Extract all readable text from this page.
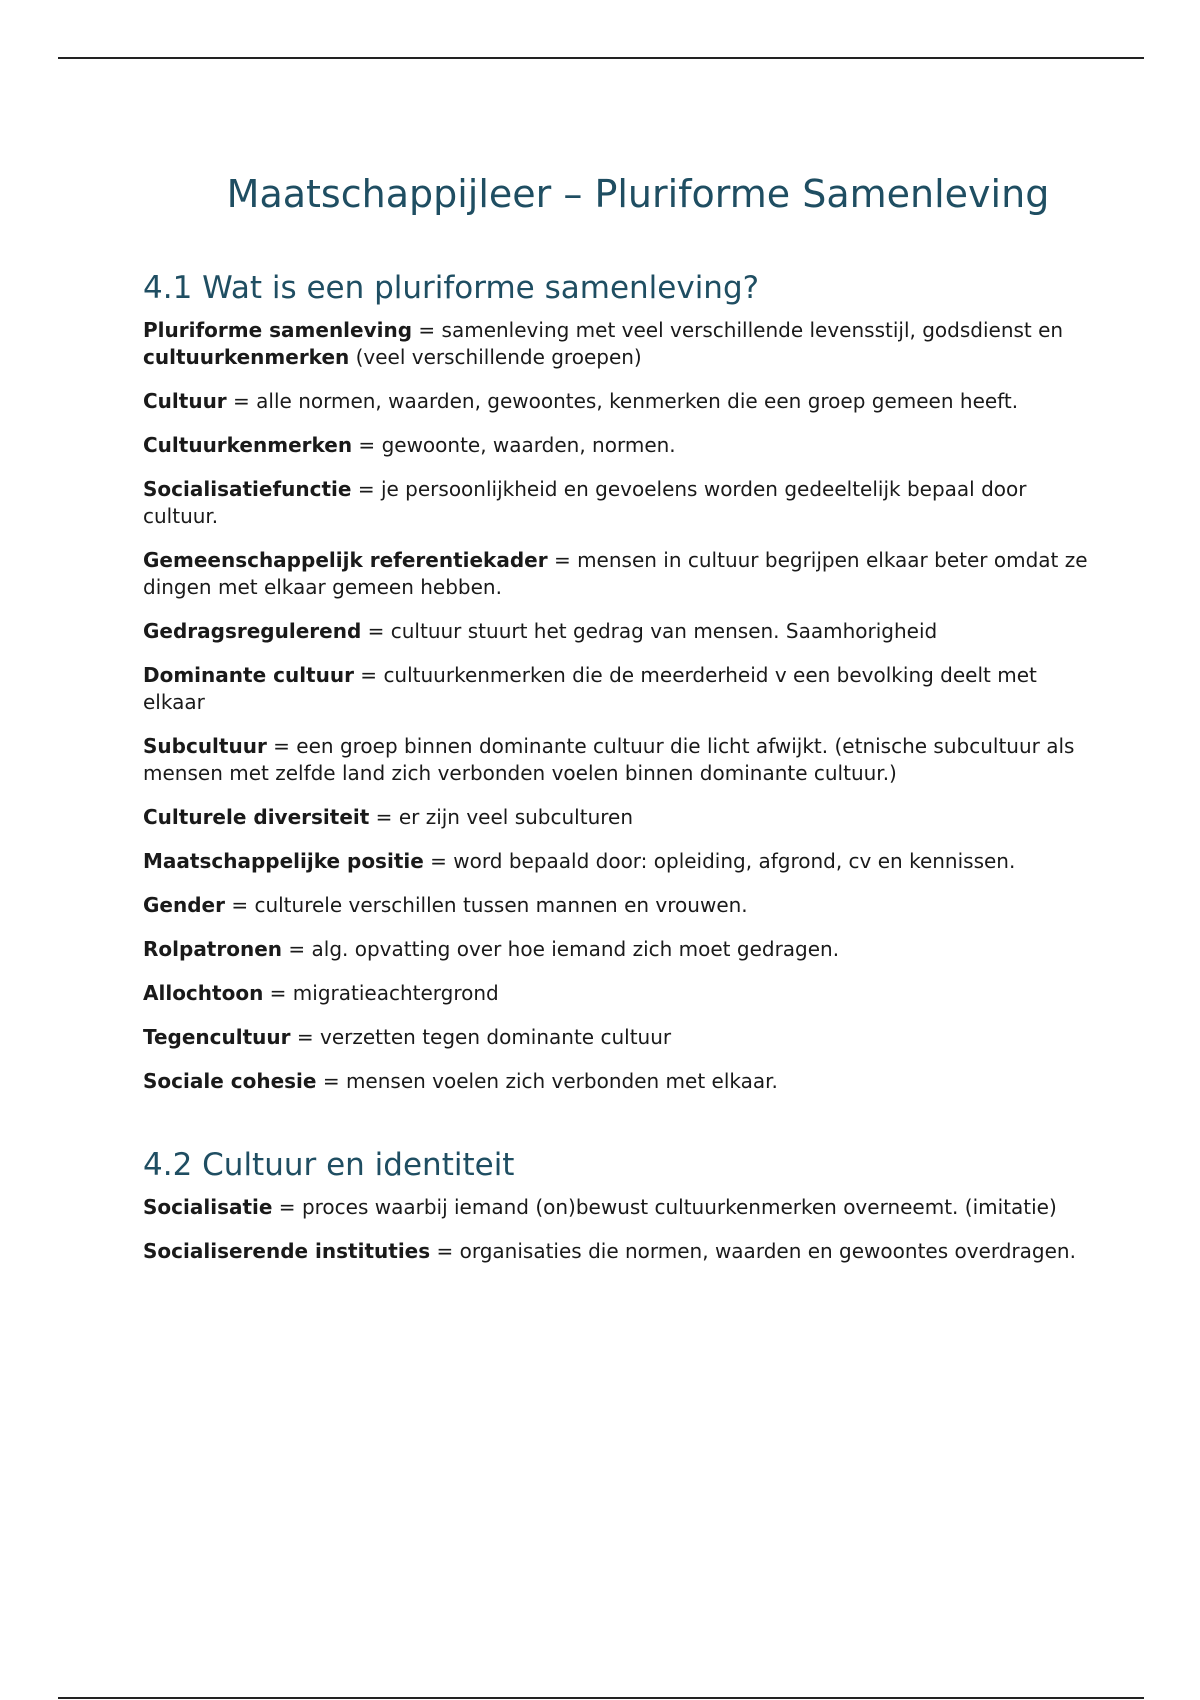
Maatschappijleer – Pluriforme Samenleving
4.1 Wat is een pluriforme samenleving?

Pluriforme samenleving = samenleving met veel verschillende levensstijl, godsdienst en cultuurkenmerken (veel verschillende groepen)

Cultuur = alle normen, waarden, gewoontes, kenmerken die een groep gemeen heeft.

Cultuurkenmerken = gewoonte, waarden, normen.

Socialisatiefunctie = je persoonlijkheid en gevoelens worden gedeeltelijk bepaal door cultuur.

Gemeenschappelijk referentiekader = mensen in cultuur begrijpen elkaar beter omdat ze dingen met elkaar gemeen hebben.

Gedragsregulerend = cultuur stuurt het gedrag van mensen. Saamhorigheid

Dominante cultuur = cultuurkenmerken die de meerderheid v een bevolking deelt met elkaar

Subcultuur = een groep binnen dominante cultuur die licht afwijkt. (etnische subcultuur als mensen met zelfde land zich verbonden voelen binnen dominante cultuur.)

Culturele diversiteit = er zijn veel subculturen

Maatschappelijke positie = word bepaald door: opleiding, afgrond, cv en kennissen.

Gender = culturele verschillen tussen mannen en vrouwen.

Rolpatronen = alg. opvatting over hoe iemand zich moet gedragen.

Allochtoon = migratieachtergrond

Tegencultuur = verzetten tegen dominante cultuur

Sociale cohesie = mensen voelen zich verbonden met elkaar.

4.2 Cultuur en identiteit

Socialisatie = proces waarbij iemand (on)bewust cultuurkenmerken overneemt. (imitatie)

Socialiserende instituties = organisaties die normen, waarden en gewoontes overdragen.
